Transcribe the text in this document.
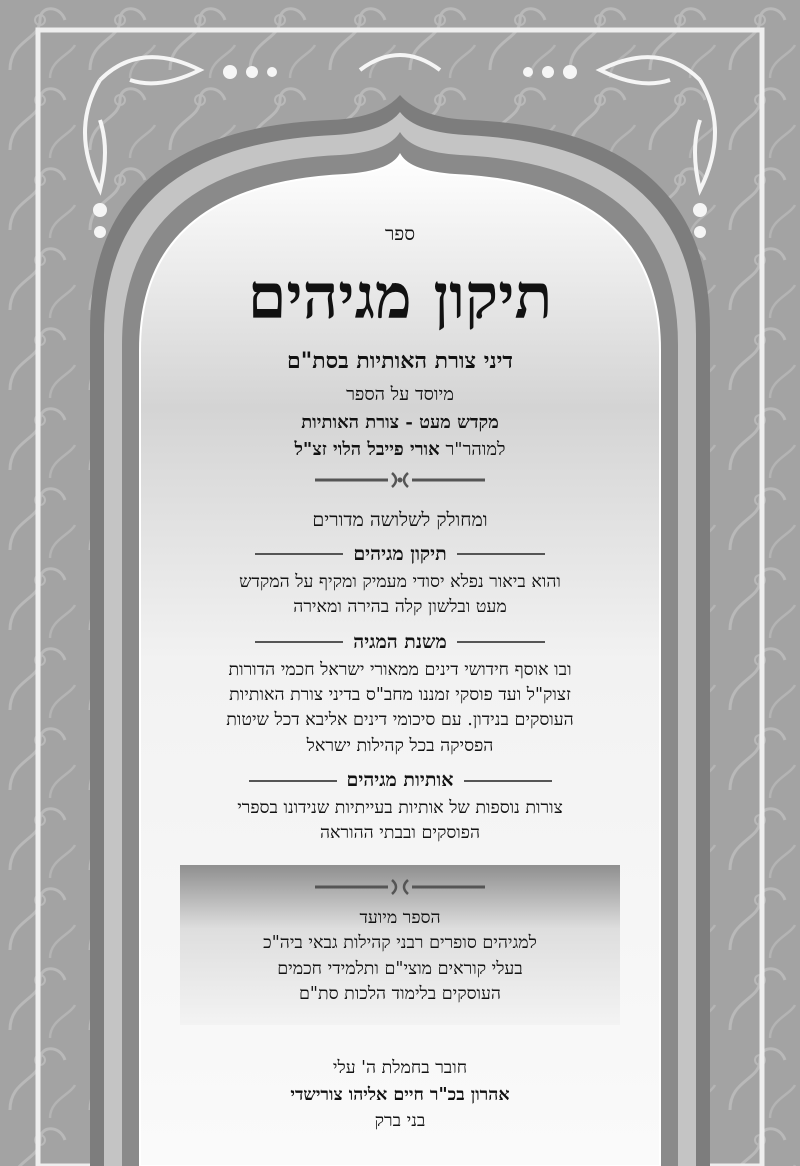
ספר

תיקון מגיהים

דיני צורת האותיות בסת"ם

מיוסד על הספר

מקדש מעט - צורת האותיות

למוהר"ר אורי פייבל הלוי זצ"ל

ומחולק לשלושה מדורים

תיקון מגיהים
והוא ביאור נפלא יסודי מעמיק ומקיף על המקדש
מעט ובלשון קלה בהירה ומאירה
משנת המגיה
ובו אוסף חידושי דינים ממאורי ישראל חכמי הדורות
זצוק"ל ועד פוסקי זמננו מחב"ס בדיני צורת האותיות
העוסקים בנידון. עם סיכומי דינים אליבא דכל שיטות
הפסיקה בכל קהילות ישראל
אותיות מגיהים
צורות נוספות של אותיות בעייתיות שנידונו בספרי
הפוסקים ובבתי ההוראה
הספר מיועד
למגיהים סופרים רבני קהילות גבאי ביה"כ
בעלי קוראים מוצי"ם ותלמידי חכמים
העוסקים בלימוד הלכות סת"ם
חובר בחמלת ה' עלי
אהרון בכ"ר חיים אליהו צורישדי
בני ברק
